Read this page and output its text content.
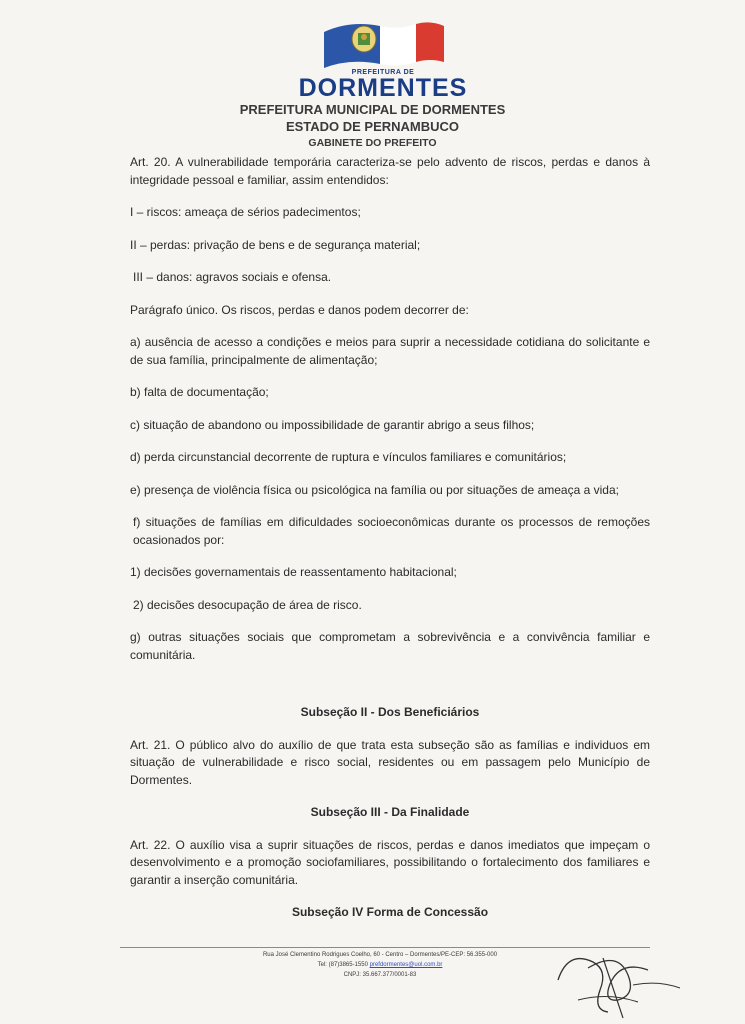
PREFEITURA DE
DORMENTES
PREFEITURA MUNICIPAL DE DORMENTES
ESTADO DE PERNAMBUCO
GABINETE DO PREFEITO

Art. 20. A vulnerabilidade temporária caracteriza-se pelo advento de riscos, perdas e danos à integridade pessoal e familiar, assim entendidos:

I – riscos: ameaça de sérios padecimentos;

II – perdas: privação de bens e de segurança material;

III – danos: agravos sociais e ofensa.

Parágrafo único. Os riscos, perdas e danos podem decorrer de:

a) ausência de acesso a condições e meios para suprir a necessidade cotidiana do solicitante e de sua família, principalmente de alimentação;

b) falta de documentação;

c) situação de abandono ou impossibilidade de garantir abrigo a seus filhos;

d) perda circunstancial decorrente de ruptura e vínculos familiares e comunitários;

e) presença de violência física ou psicológica na família ou por situações de ameaça a vida;

f) situações de famílias em dificuldades socioeconômicas durante os processos de remoções ocasionados por:

1) decisões governamentais de reassentamento habitacional;

2) decisões desocupação de área de risco.

g) outras situações sociais que comprometam a sobrevivência e a convivência familiar e comunitária.

Subseção II - Dos Beneficiários

Art. 21. O público alvo do auxílio de que trata esta subseção são as famílias e individuos em situação de vulnerabilidade e risco social, residentes ou em passagem pelo Município de Dormentes.

Subseção III - Da Finalidade

Art. 22. O auxílio visa a suprir situações de riscos, perdas e danos imediatos que impeçam o desenvolvimento e a promoção sociofamiliares, possibilitando o fortalecimento dos familiares e garantir a inserção comunitária.

Subseção IV Forma de Concessão

Rua José Clementino Rodrigues Coelho, 60 - Centro – Dormentes/PE-CEP: 56.355-000
Tel: (87)3865-1550 prefdormentes@uol.com.br
CNPJ: 35.667.377/0001-83
